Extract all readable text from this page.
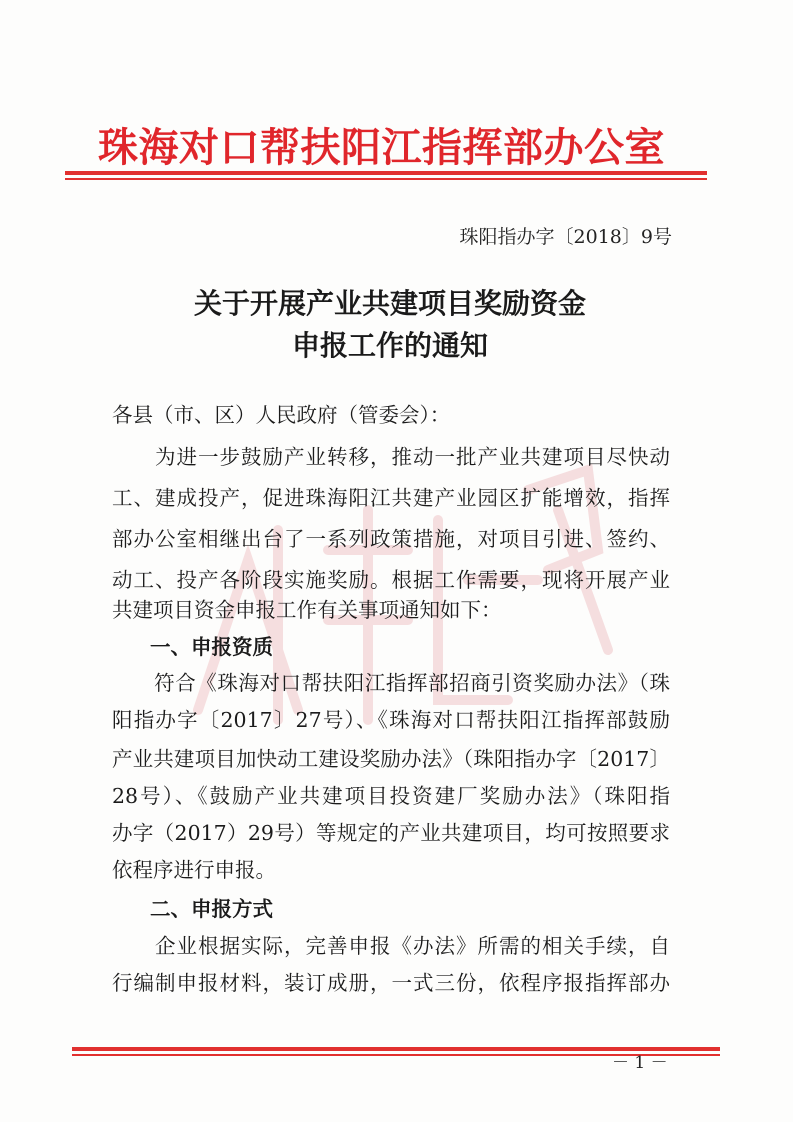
珠海对口帮扶阳江指挥部办公室
珠阳指办字〔2018〕9号
关于开展产业共建项目奖励资金
申报工作的通知
各县（市、区）人民政府（管委会）：
　　为进一步鼓励产业转移，推动一批产业共建项目尽快动
工、建成投产，促进珠海阳江共建产业园区扩能增效，指挥
部办公室相继出台了一系列政策措施，对项目引进、签约、
动工、投产各阶段实施奖励。根据工作需要，现将开展产业
共建项目资金申报工作有关事项通知如下：
一、申报资质
　　符合《珠海对口帮扶阳江指挥部招商引资奖励办法》（珠
阳指办字〔2017〕27号）、《珠海对口帮扶阳江指挥部鼓励
产业共建项目加快动工建设奖励办法》（珠阳指办字〔2017〕
28号）、《鼓励产业共建项目投资建厂奖励办法》（珠阳指
办字（2017）29号）等规定的产业共建项目，均可按照要求
依程序进行申报。
二、申报方式
　　企业根据实际，完善申报《办法》所需的相关手续，自
行编制申报材料，装订成册，一式三份，依程序报指挥部办
－ 1 －
